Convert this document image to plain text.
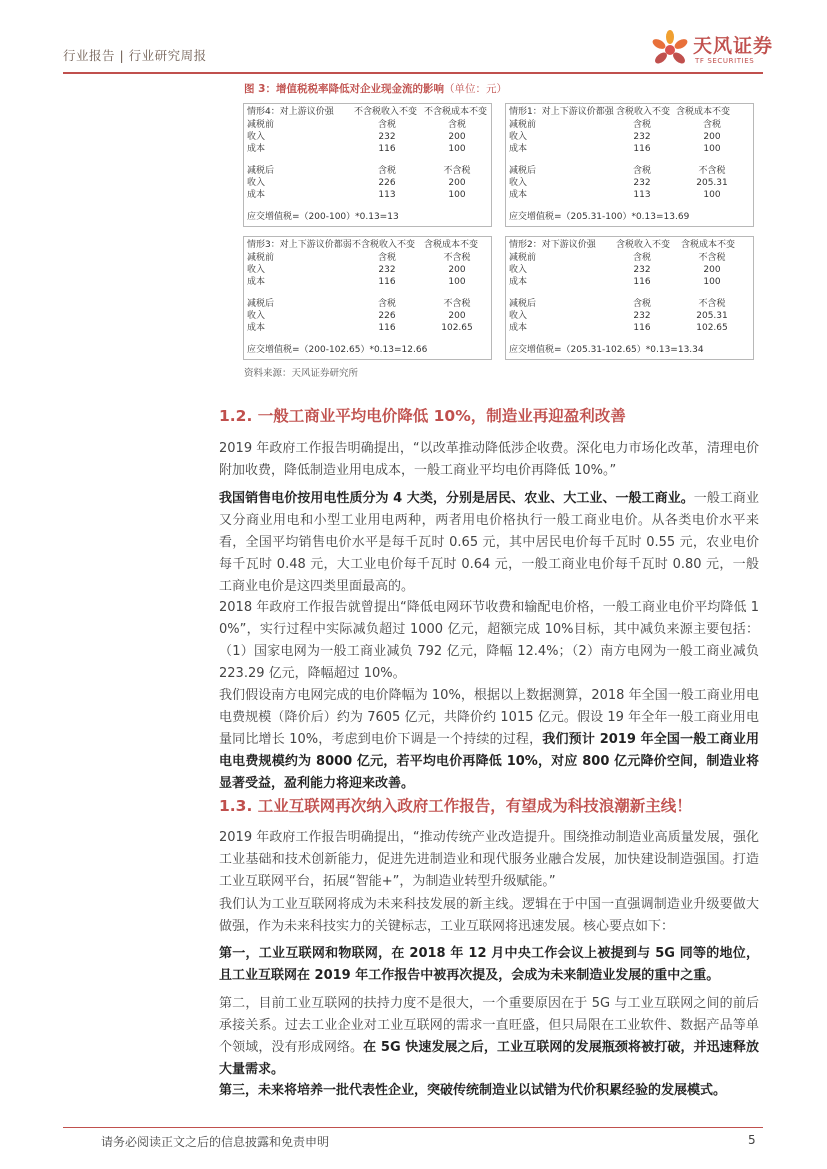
行业报告 | 行业研究周报	天风证券
TF SECURITIES
图 3：增值税税率降低对企业现金流的影响（单位：元）
情形4：对上游议价强 不含税收入不变 不含税成本不变
减税前	含税	含税
收入	232	200
成本	116	100
减税后	含税	不含税
收入	226	200
成本	113	100
应交增值税=（200-100）*0.13=13
情形1：对上下游议价都强 含税收入不变 含税成本不变
减税前	含税	含税
收入	232	200
成本	116	100
减税后	含税	不含税
收入	232	205.31
成本	113	100
应交增值税=（205.31-100）*0.13=13.69
情形3：对上下游议价都弱 不含税收入不变 含税成本不变
减税前	含税	不含税
收入	232	200
成本	116	100
减税后	含税	不含税
收入	226	200
成本	116	102.65
应交增值税=（200-102.65）*0.13=12.66
情形2：对下游议价强 含税收入不变 含税成本不变
减税前	含税	不含税
收入	232	200
成本	116	100
减税后	含税	不含税
收入	232	205.31
成本	116	102.65
应交增值税=（205.31-102.65）*0.13=13.34
资料来源：天风证券研究所
1.2. 一般工商业平均电价降低 10%，制造业再迎盈利改善
2019 年政府工作报告明确提出，“以改革推动降低涉企收费。深化电力市场化改革，清理电价附加收费，降低制造业用电成本，一般工商业平均电价再降低 10%。”
我国销售电价按用电性质分为 4 大类，分别是居民、农业、大工业、一般工商业。一般工商业又分商业用电和小型工业用电两种，两者用电价格执行一般工商业电价。从各类电价水平来看，全国平均销售电价水平是每千瓦时 0.65 元，其中居民电价每千瓦时 0.55 元，农业电价每千瓦时 0.48 元，大工业电价每千瓦时 0.64 元，一般工商业电价每千瓦时 0.80 元，一般工商业电价是这四类里面最高的。
2018 年政府工作报告就曾提出“降低电网环节收费和输配电价格，一般工商业电价平均降低 10%”，实行过程中实际减负超过 1000 亿元，超额完成 10%目标，其中减负来源主要包括：（1）国家电网为一般工商业减负 792 亿元，降幅 12.4%；（2）南方电网为一般工商业减负 223.29 亿元，降幅超过 10%。
我们假设南方电网完成的电价降幅为 10%，根据以上数据测算，2018 年全国一般工商业用电电费规模（降价后）约为 7605 亿元，共降价约 1015 亿元。假设 19 年全年一般工商业用电量同比增长 10%，考虑到电价下调是一个持续的过程，我们预计 2019 年全国一般工商业用电电费规模约为 8000 亿元，若平均电价再降低 10%，对应 800 亿元降价空间，制造业将显著受益，盈利能力将迎来改善。
1.3. 工业互联网再次纳入政府工作报告，有望成为科技浪潮新主线！
2019 年政府工作报告明确提出，“推动传统产业改造提升。围绕推动制造业高质量发展，强化工业基础和技术创新能力，促进先进制造业和现代服务业融合发展，加快建设制造强国。打造工业互联网平台，拓展“智能+”，为制造业转型升级赋能。”
我们认为工业互联网将成为未来科技发展的新主线。逻辑在于中国一直强调制造业升级要做大做强，作为未来科技实力的关键标志，工业互联网将迅速发展。核心要点如下：
第一，工业互联网和物联网，在 2018 年 12 月中央工作会议上被提到与 5G 同等的地位，且工业互联网在 2019 年工作报告中被再次提及，会成为未来制造业发展的重中之重。
第二，目前工业互联网的扶持力度不是很大，一个重要原因在于 5G 与工业互联网之间的前后承接关系。过去工业企业对工业互联网的需求一直旺盛，但只局限在工业软件、数据产品等单个领域，没有形成网络。在 5G 快速发展之后，工业互联网的发展瓶颈将被打破，并迅速释放大量需求。
第三，未来将培养一批代表性企业，突破传统制造业以试错为代价积累经验的发展模式。
请务必阅读正文之后的信息披露和免责申明	5
